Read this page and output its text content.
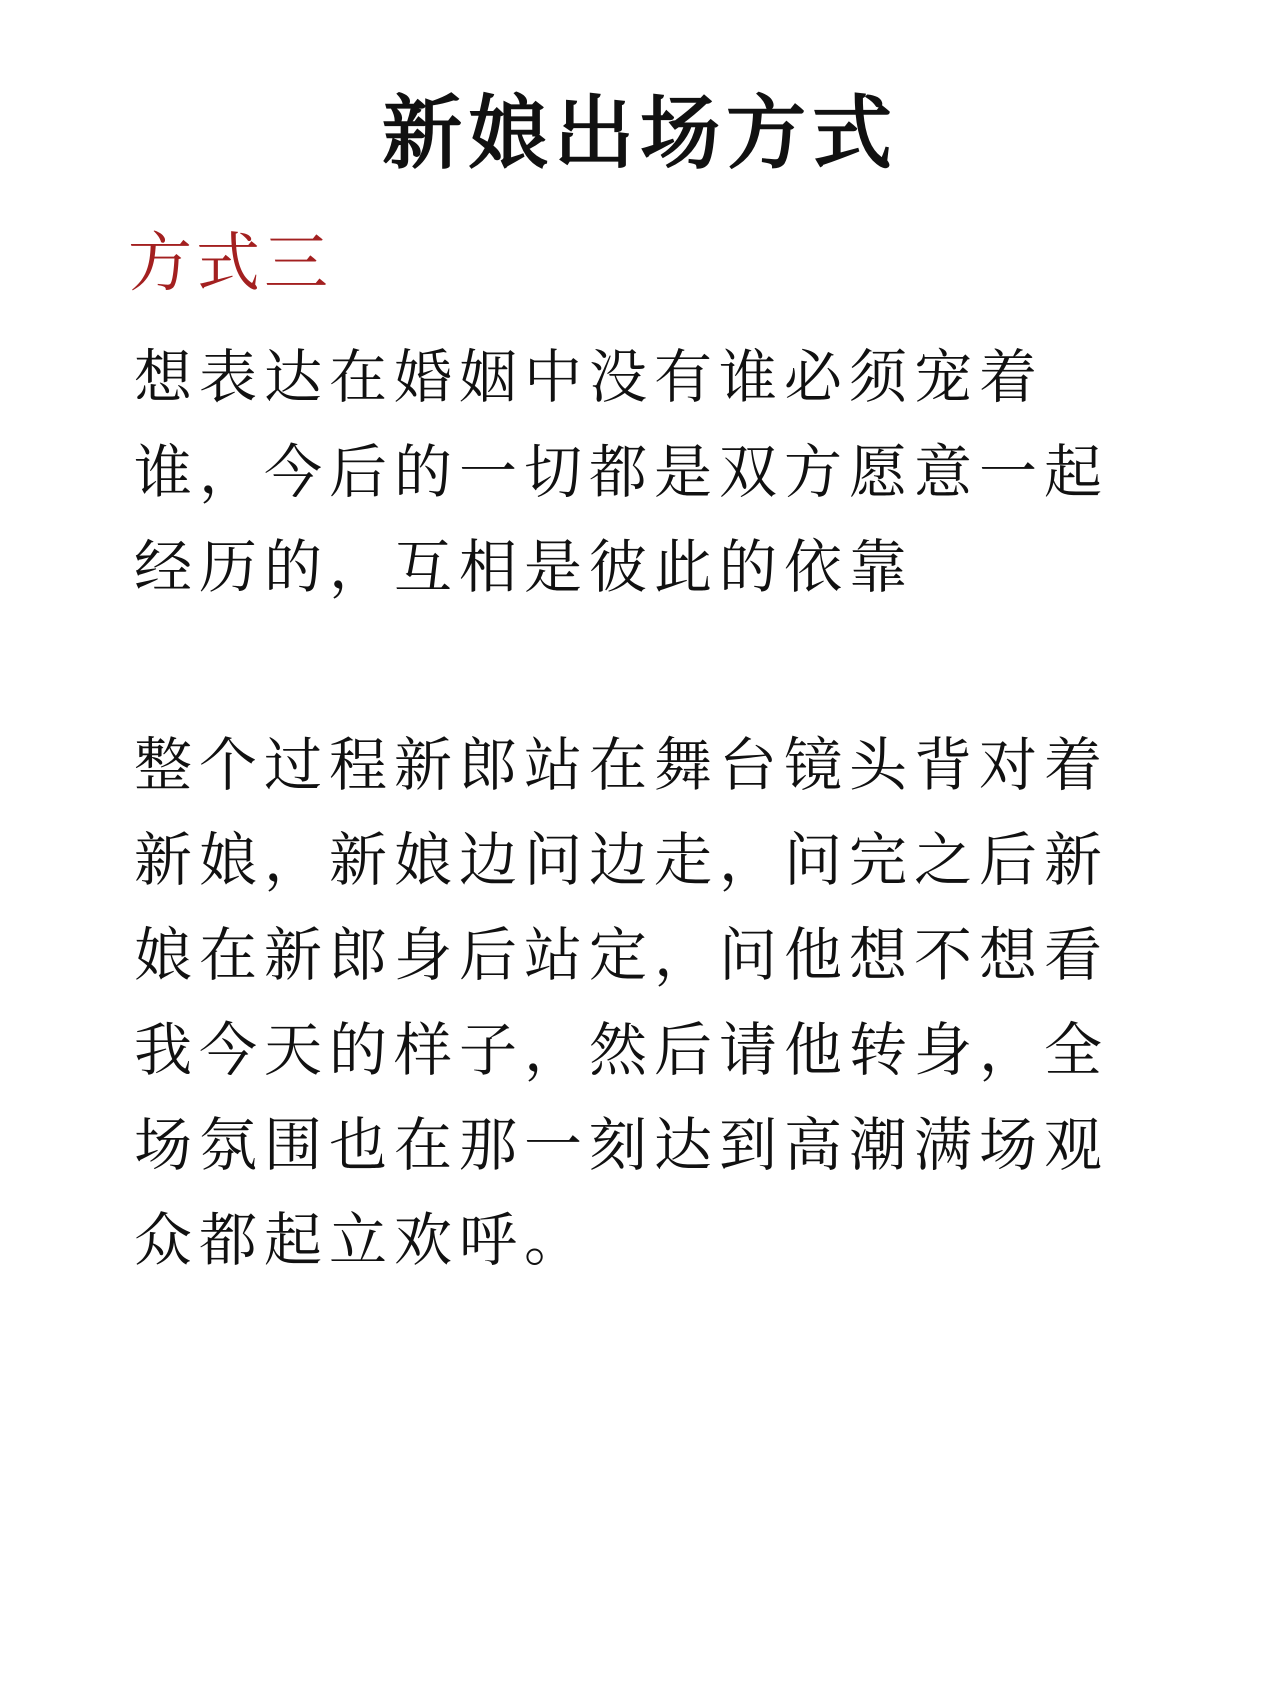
新娘出场方式
方式三

想表达在婚姻中没有谁必须宠着谁，今后的一切都是双方愿意一起经历的，互相是彼此的依靠

整个过程新郎站在舞台镜头背对着新娘，新娘边问边走，问完之后新娘在新郎身后站定，问他想不想看我今天的样子，然后请他转身，全场氛围也在那一刻达到高潮满场观众都起立欢呼。
